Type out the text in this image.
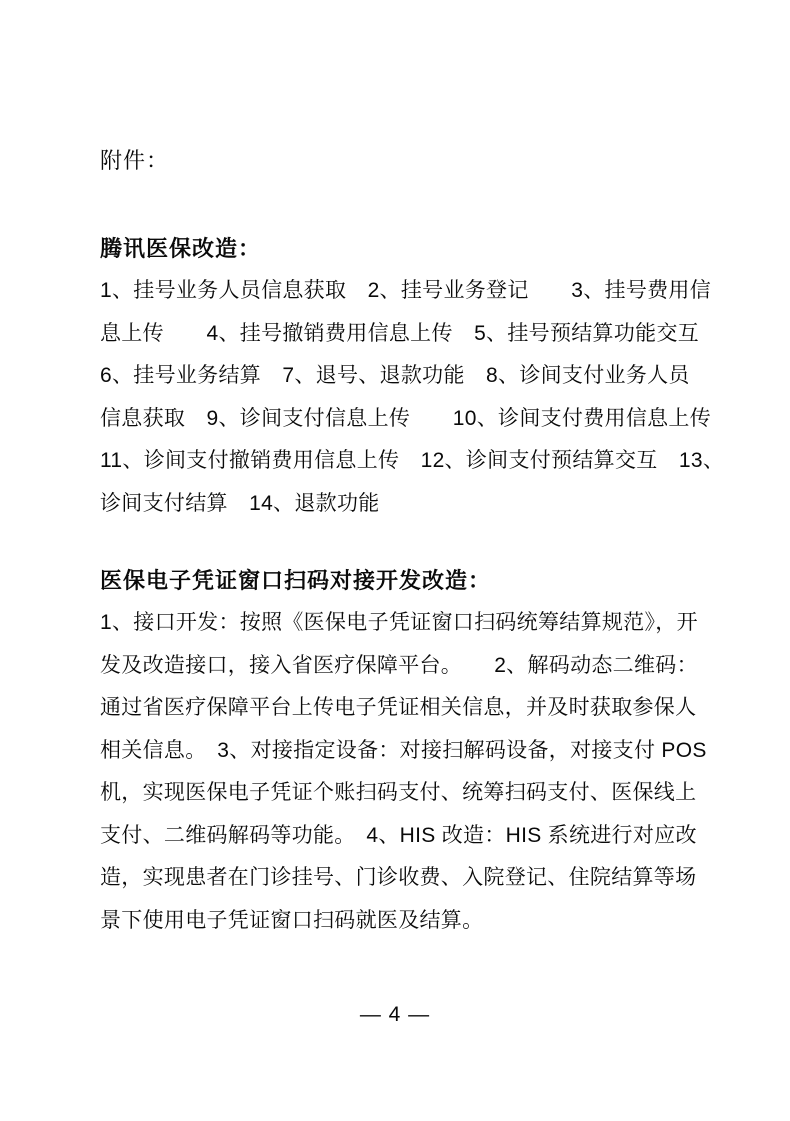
附件：
腾讯医保改造：
1、挂号业务人员信息获取　2、挂号业务登记　　3、挂号费用信
息上传　　4、挂号撤销费用信息上传　5、挂号预结算功能交互
6、挂号业务结算　7、退号、退款功能　8、诊间支付业务人员
信息获取　9、诊间支付信息上传　　10、诊间支付费用信息上传
11、诊间支付撤销费用信息上传　12、诊间支付预结算交互　13、
诊间支付结算　14、退款功能
医保电子凭证窗口扫码对接开发改造：
1、接口开发：按照《医保电子凭证窗口扫码统筹结算规范》，开
发及改造接口，接入省医疗保障平台。　　2、解码动态二维码：
通过省医疗保障平台上传电子凭证相关信息，并及时获取参保人
相关信息。　3、对接指定设备：对接扫解码设备，对接支付 POS
机，实现医保电子凭证个账扫码支付、统筹扫码支付、医保线上
支付、二维码解码等功能。　4、HIS 改造：HIS 系统进行对应改
造，实现患者在门诊挂号、门诊收费、入院登记、住院结算等场
景下使用电子凭证窗口扫码就医及结算。
— 4 —
